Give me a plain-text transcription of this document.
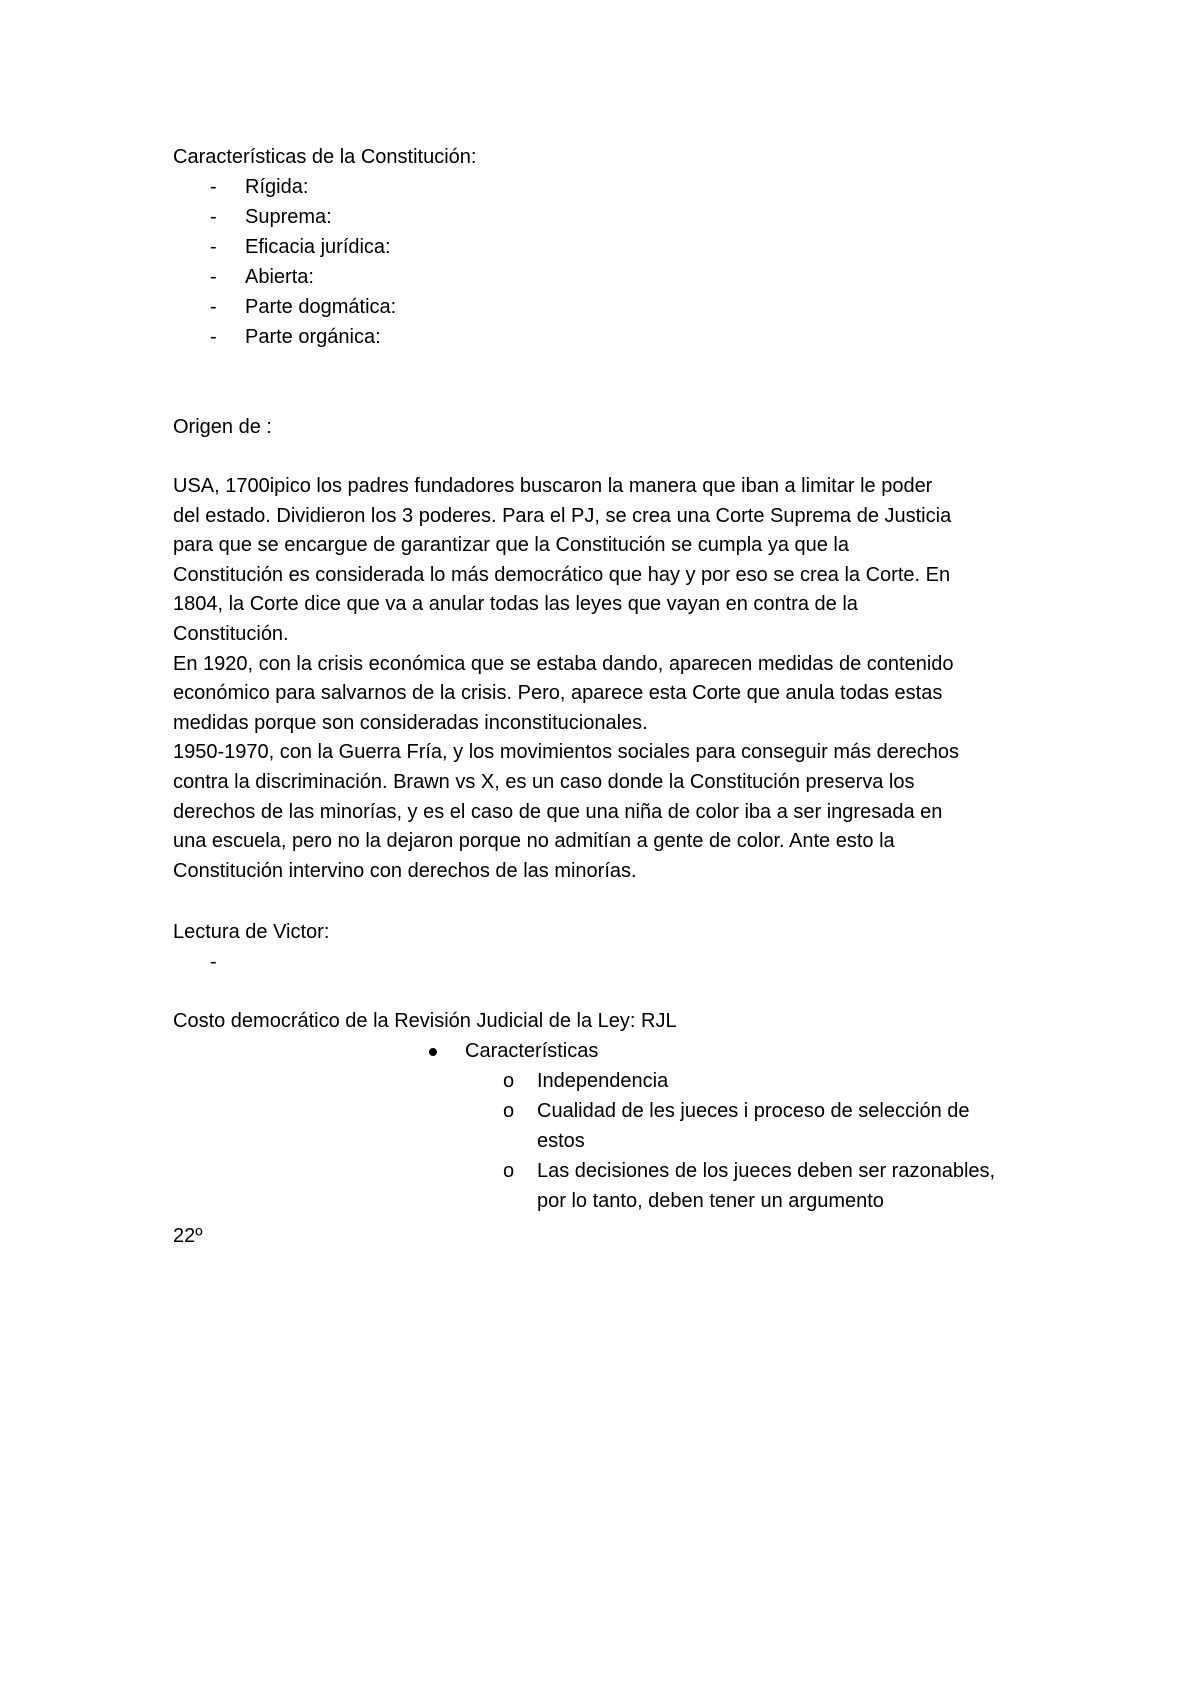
Características de la Constitución:
- Rígida:
- Suprema:
- Eficacia jurídica:
- Abierta:
- Parte dogmática:
- Parte orgánica:
Origen de :
USA, 1700ipico los padres fundadores buscaron la manera que iban a limitar le poder
del estado. Dividieron los 3 poderes. Para el PJ, se crea una Corte Suprema de Justicia
para que se encargue de garantizar que la Constitución se cumpla ya que la
Constitución es considerada lo más democrático que hay y por eso se crea la Corte. En
1804, la Corte dice que va a anular todas las leyes que vayan en contra de la
Constitución.
En 1920, con la crisis económica que se estaba dando, aparecen medidas de contenido
económico para salvarnos de la crisis. Pero, aparece esta Corte que anula todas estas
medidas porque son consideradas inconstitucionales.
1950-1970, con la Guerra Fría, y los movimientos sociales para conseguir más derechos
contra la discriminación. Brawn vs X, es un caso donde la Constitución preserva los
derechos de las minorías, y es el caso de que una niña de color iba a ser ingresada en
una escuela, pero no la dejaron porque no admitían a gente de color. Ante esto la
Constitución intervino con derechos de las minorías.
Lectura de Victor:
-
Costo democrático de la Revisión Judicial de la Ley: RJL
Características
o Independencia
o Cualidad de les jueces i proceso de selección de
estos
o Las decisiones de los jueces deben ser razonables,
por lo tanto, deben tener un argumento
22º
